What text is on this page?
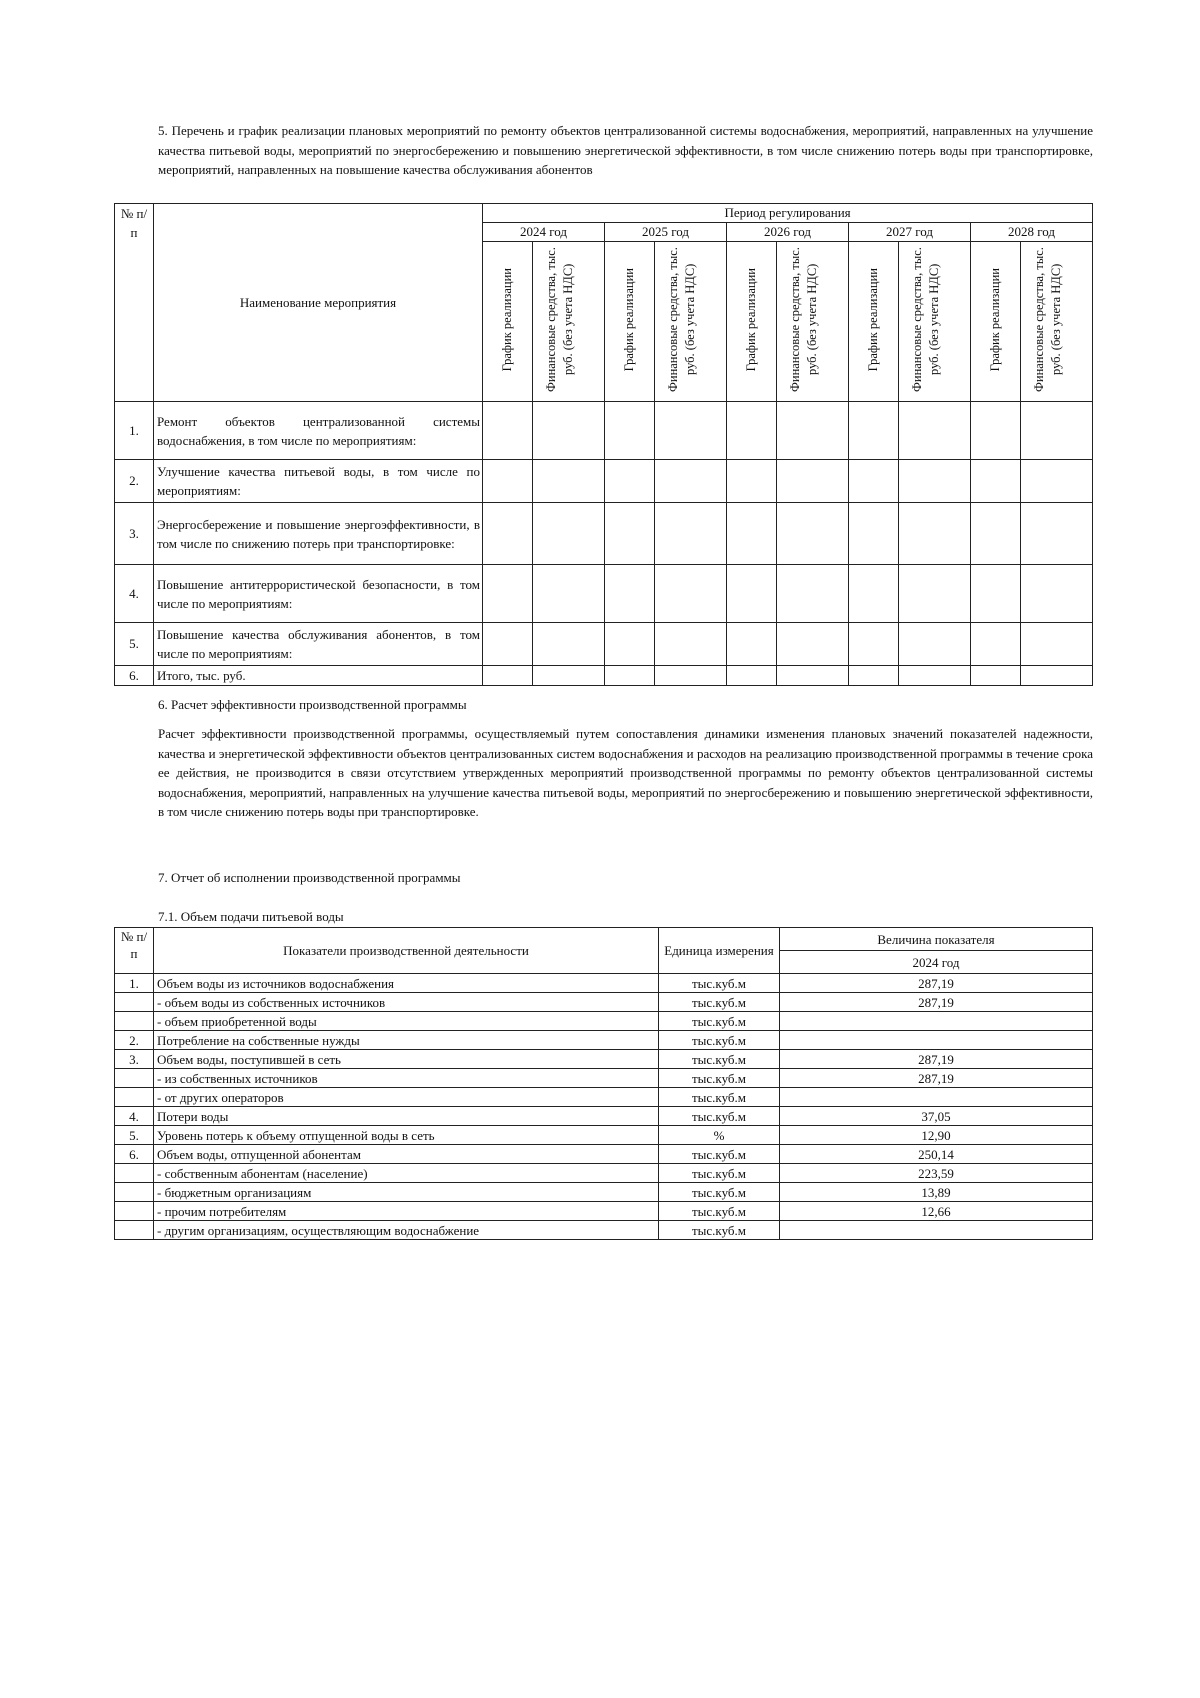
5. Перечень и график реализации плановых мероприятий по ремонту объектов централизованной системы водоснабжения, мероприятий, направленных на улучшение качества питьевой воды, мероприятий по энергосбережению и повышению энергетической эффективности, в том числе снижению потерь воды при транспортировке, мероприятий, направленных на повышение качества обслуживания абонентов

№ п/п	Наименование мероприятия	Период регулирования									
		2024 год		2025 год		2026 год		2027 год		2028 год	
		График реализации	Финансовые средства, тыс. руб. (без учета НДС)	График реализации	Финансовые средства, тыс. руб. (без учета НДС)	График реализации	Финансовые средства, тыс. руб. (без учета НДС)	График реализации	Финансовые средства, тыс. руб. (без учета НДС)	График реализации	Финансовые средства, тыс. руб. (без учета НДС)
1.	Ремонт объектов централизованной системы водоснабжения, в том числе по мероприятиям:										
2.	Улучшение качества питьевой воды, в том числе по мероприятиям:										
3.	Энергосбережение и повышение энергоэффективности, в том числе по снижению потерь при транспортировке:										
4.	Повышение антитеррористической безопасности, в том числе по мероприятиям:										
5.	Повышение качества обслуживания абонентов, в том числе по мероприятиям:										
6.	Итого, тыс. руб.										

6. Расчет эффективности производственной программы

Расчет эффективности производственной программы, осуществляемый путем сопоставления динамики изменения плановых значений показателей надежности, качества и энергетической эффективности объектов централизованных систем водоснабжения и расходов на реализацию производственной программы в течение срока ее действия, не производится в связи отсутствием утвержденных мероприятий производственной программы по ремонту объектов централизованной системы водоснабжения, мероприятий, направленных на улучшение качества питьевой воды, мероприятий по энергосбережению и повышению энергетической эффективности, в том числе снижению потерь воды при транспортировке.

7. Отчет об исполнении производственной программы

7.1. Объем подачи питьевой воды

№ п/п	Показатели производственной деятельности	Единица измерения	Величина показателя
			2024 год
1.	Объем воды из источников водоснабжения	тыс.куб.м	287,19
	- объем воды из собственных источников	тыс.куб.м	287,19
	- объем приобретенной воды	тыс.куб.м	
2.	Потребление на собственные нужды	тыс.куб.м	
3.	Объем воды, поступившей в сеть	тыс.куб.м	287,19
	- из собственных источников	тыс.куб.м	287,19
	- от других операторов	тыс.куб.м	
4.	Потери воды	тыс.куб.м	37,05
5.	Уровень потерь к объему отпущенной воды в сеть	%	12,90
6.	Объем воды, отпущенной абонентам	тыс.куб.м	250,14
	- собственным абонентам (население)	тыс.куб.м	223,59
	- бюджетным организациям	тыс.куб.м	13,89
	- прочим потребителям	тыс.куб.м	12,66
	- другим организациям, осуществляющим водоснабжение	тыс.куб.м	
